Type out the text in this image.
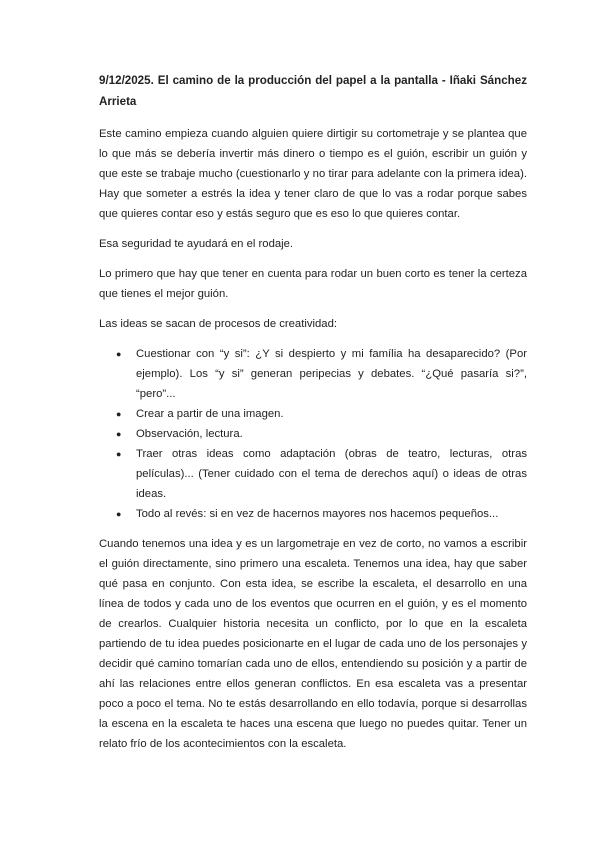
9/12/2025. El camino de la producción del papel a la pantalla - Iñaki Sánchez Arrieta

Este camino empieza cuando alguien quiere dirtigir su cortometraje y se plantea que lo que más se debería invertir más dinero o tiempo es el guión, escribir un guión y que este se trabaje mucho (cuestionarlo y no tirar para adelante con la primera idea). Hay que someter a estrés la idea y tener claro de que lo vas a rodar porque sabes que quieres contar eso y estás seguro que es eso lo que quieres contar.

Esa seguridad te ayudará en el rodaje.

Lo primero que hay que tener en cuenta para rodar un buen corto es tener la certeza que tienes el mejor guión.

Las ideas se sacan de procesos de creatividad:

● Cuestionar con “y si”: ¿Y si despierto y mi família ha desaparecido? (Por ejemplo). Los “y si” generan peripecias y debates. “¿Qué pasaría si?”, “pero”...
● Crear a partir de una imagen.
● Observación, lectura.
● Traer otras ideas como adaptación (obras de teatro, lecturas, otras películas)... (Tener cuidado con el tema de derechos aquí) o ideas de otras ideas.
● Todo al revés: si en vez de hacernos mayores nos hacemos pequeños...

Cuando tenemos una idea y es un largometraje en vez de corto, no vamos a escribir el guión directamente, sino primero una escaleta. Tenemos una idea, hay que saber qué pasa en conjunto. Con esta idea, se escribe la escaleta, el desarrollo en una línea de todos y cada uno de los eventos que ocurren en el guión, y es el momento de crearlos. Cualquier historia necesita un conflicto, por lo que en la escaleta partiendo de tu idea puedes posicionarte en el lugar de cada uno de los personajes y decidir qué camino tomarían cada uno de ellos, entendiendo su posición y a partir de ahí las relaciones entre ellos generan conflictos. En esa escaleta vas a presentar poco a poco el tema. No te estás desarrollando en ello todavía, porque si desarrollas la escena en la escaleta te haces una escena que luego no puedes quitar. Tener un relato frío de los acontecimientos con la escaleta.
